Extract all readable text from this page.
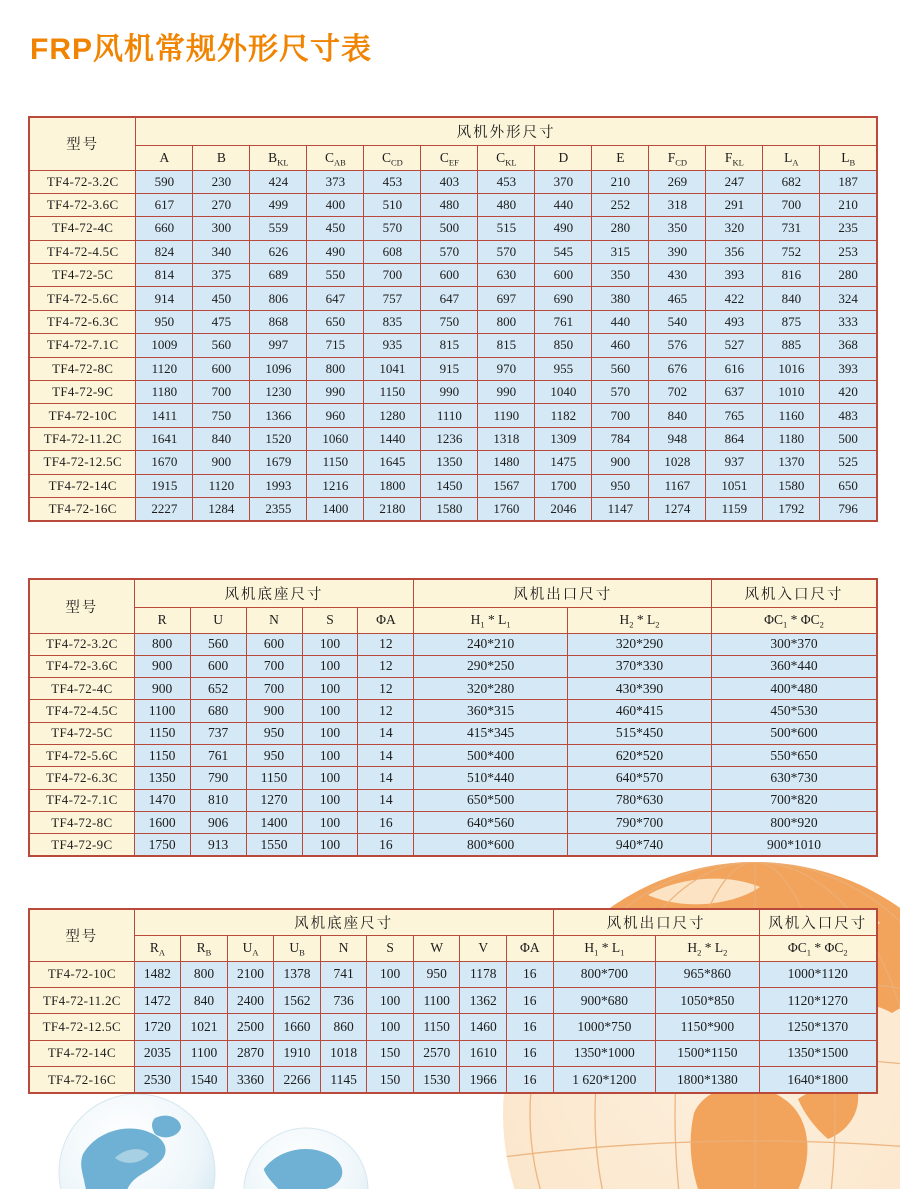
FRP风机常规外形尺寸表
型号	风机外形尺寸												
	A	B	$B_{KL}$	$C_{AB}$	$C_{CD}$	$C_{EF}$	$C_{KL}$	D	E	$F_{CD}$	$F_{KL}$	$L_A$	$L_B$
TF4-72-3.2C	590	230	424	373	453	403	453	370	210	269	247	682	187
TF4-72-3.6C	617	270	499	400	510	480	480	440	252	318	291	700	210
TF4-72-4C	660	300	559	450	570	500	515	490	280	350	320	731	235
TF4-72-4.5C	824	340	626	490	608	570	570	545	315	390	356	752	253
TF4-72-5C	814	375	689	550	700	600	630	600	350	430	393	816	280
TF4-72-5.6C	914	450	806	647	757	647	697	690	380	465	422	840	324
TF4-72-6.3C	950	475	868	650	835	750	800	761	440	540	493	875	333
TF4-72-7.1C	1009	560	997	715	935	815	815	850	460	576	527	885	368
TF4-72-8C	1120	600	1096	800	1041	915	970	955	560	676	616	1016	393
TF4-72-9C	1180	700	1230	990	1150	990	990	1040	570	702	637	1010	420
TF4-72-10C	1411	750	1366	960	1280	1110	1190	1182	700	840	765	1160	483
TF4-72-11.2C	1641	840	1520	1060	1440	1236	1318	1309	784	948	864	1180	500
TF4-72-12.5C	1670	900	1679	1150	1645	1350	1480	1475	900	1028	937	1370	525
TF4-72-14C	1915	1120	1993	1216	1800	1450	1567	1700	950	1167	1051	1580	650
TF4-72-16C	2227	1284	2355	1400	2180	1580	1760	2046	1147	1274	1159	1792	796
型号	风机底座尺寸					风机出口尺寸		风机入口尺寸
	R	U	N	S	ΦA	$H_1 * L_1$	$H_2 * L_2$	$\Phi C_1 * \Phi C_2$
TF4-72-3.2C	800	560	600	100	12	240*210	320*290	300*370
TF4-72-3.6C	900	600	700	100	12	290*250	370*330	360*440
TF4-72-4C	900	652	700	100	12	320*280	430*390	400*480
TF4-72-4.5C	1100	680	900	100	12	360*315	460*415	450*530
TF4-72-5C	1150	737	950	100	14	415*345	515*450	500*600
TF4-72-5.6C	1150	761	950	100	14	500*400	620*520	550*650
TF4-72-6.3C	1350	790	1150	100	14	510*440	640*570	630*730
TF4-72-7.1C	1470	810	1270	100	14	650*500	780*630	700*820
TF4-72-8C	1600	906	1400	100	16	640*560	790*700	800*920
TF4-72-9C	1750	913	1550	100	16	800*600	940*740	900*1010
型号	风机底座尺寸									风机出口尺寸		风机入口尺寸
	$R_A$	$R_B$	$U_A$	$U_B$	N	S	W	V	ΦA	$H_1 * L_1$	$H_2 * L_2$	$\Phi C_1 * \Phi C_2$
TF4-72-10C	1482	800	2100	1378	741	100	950	1178	16	800*700	965*860	1000*1120
TF4-72-11.2C	1472	840	2400	1562	736	100	1100	1362	16	900*680	1050*850	1120*1270
TF4-72-12.5C	1720	1021	2500	1660	860	100	1150	1460	16	1000*750	1150*900	1250*1370
TF4-72-14C	2035	1100	2870	1910	1018	150	2570	1610	16	1350*1000	1500*1150	1350*1500
TF4-72-16C	2530	1540	3360	2266	1145	150	1530	1966	16	1 620*1200	1800*1380	1640*1800
